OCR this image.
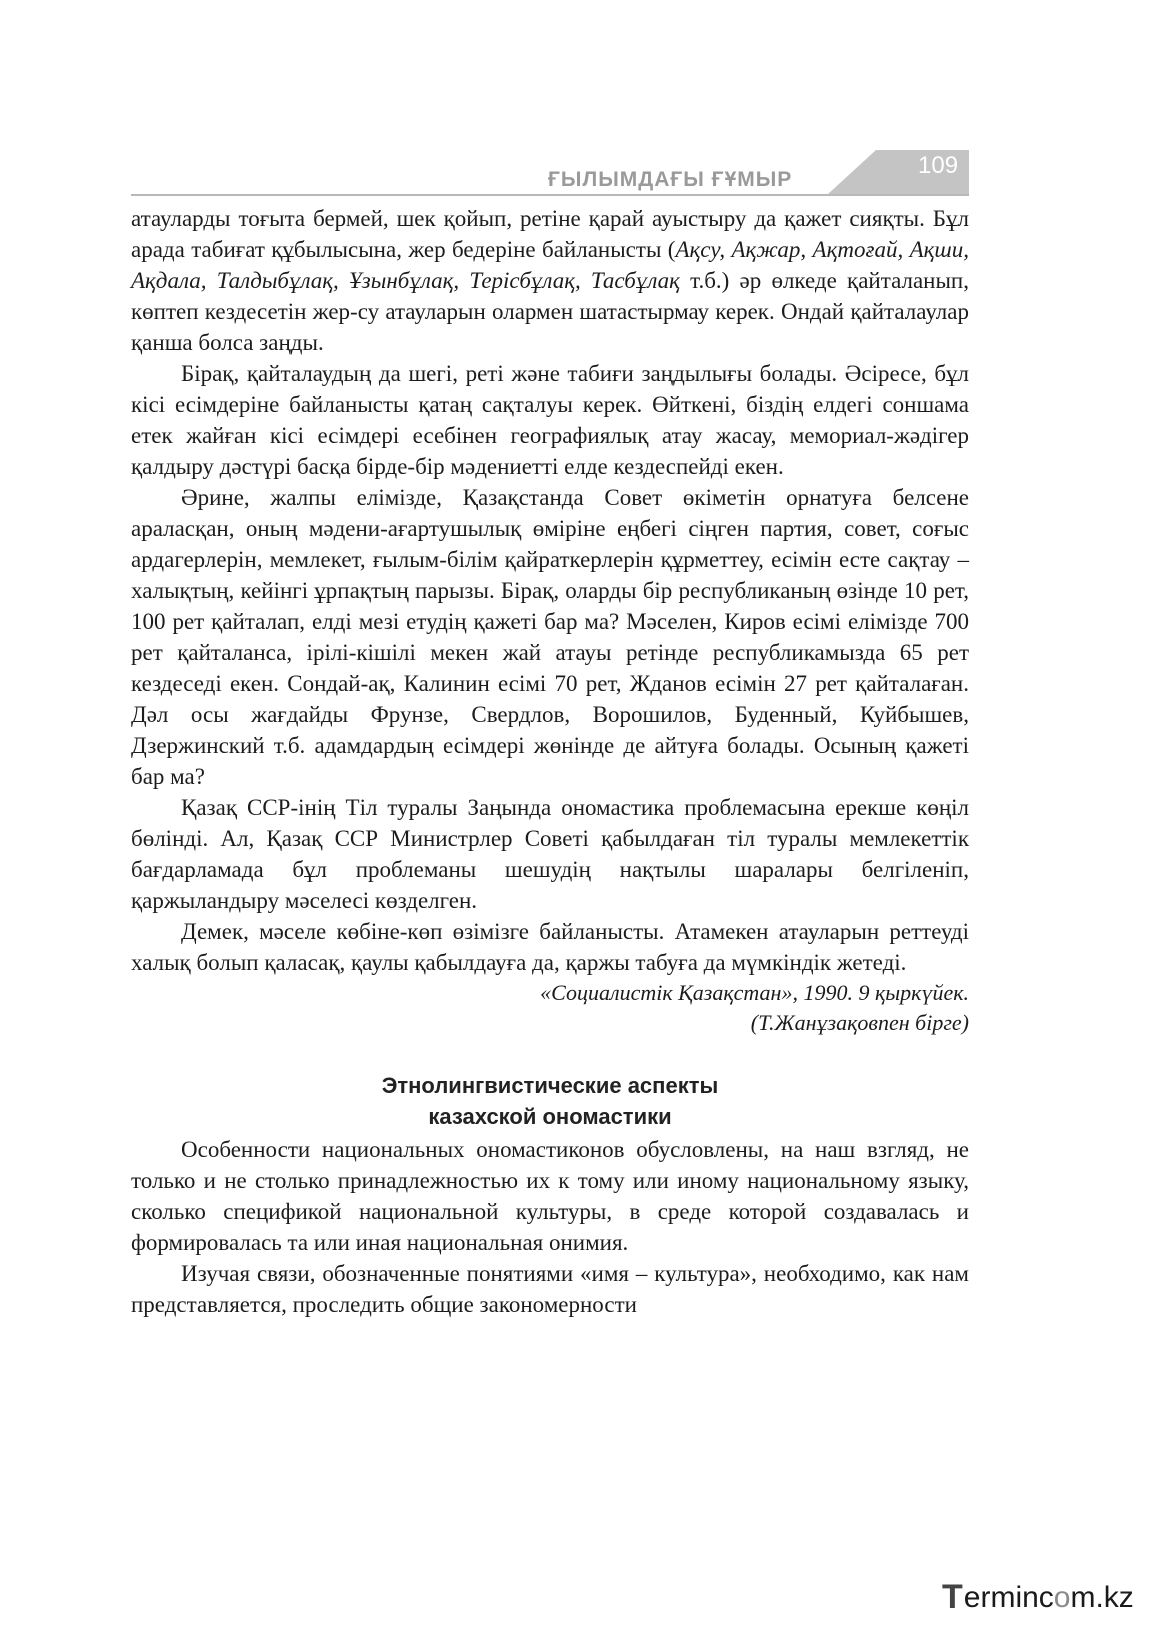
ҒЫЛЫМДАҒЫ ҒҰМЫР
109

атауларды тоғыта бермей, шек қойып, ретіне қарай ауыстыру да қажет сияқты. Бұл арада табиғат құбылысына, жер бедеріне байланысты (Ақсу, Ақжар, Ақтоғай, Ақши, Ақдала, Талдыбұлақ, Ұзынбұлақ, Терісбұлақ, Тасбұлақ т.б.) әр өлкеде қайталанып, көптеп кездесетін жер-су атауларын олармен шатастырмау керек. Ондай қайталаулар қанша болса заңды.

Бірақ, қайталаудың да шегі, реті және табиғи заңдылығы болады. Әсіресе, бұл кісі есімдеріне байланысты қатаң сақталуы керек. Өйткені, біздің елдегі соншама етек жайған кісі есімдері есебінен географиялық атау жасау, мемориал-жәдігер қалдыру дәстүрі басқа бірде-бір мәдениетті елде кездеспейді екен.

Әрине, жалпы елімізде, Қазақстанда Совет өкіметін орнатуға белсене араласқан, оның мәдени-ағартушылық өміріне еңбегі сіңген партия, совет, соғыс ардагерлерін, мемлекет, ғылым-білім қайраткерлерін құрметтеу, есімін есте сақтау – халықтың, кейінгі ұрпақтың парызы. Бірақ, оларды бір республиканың өзінде 10 рет, 100 рет қайталап, елді мезі етудің қажеті бар ма? Мәселен, Киров есімі елімізде 700 рет қайталанса, ірілі-кішілі мекен жай атауы ретінде республикамызда 65 рет кездеседі екен. Сондай-ақ, Калинин есімі 70 рет, Жданов есімін 27 рет қайталаған. Дәл осы жағдайды Фрунзе, Свердлов, Ворошилов, Буденный, Куйбышев, Дзержинский т.б. адамдардың есімдері жөнінде де айтуға болады. Осының қажеті бар ма?

Қазақ ССР-інің Тіл туралы Заңында ономастика проблемасына ерекше көңіл бөлінді. Ал, Қазақ ССР Министрлер Советі қабылдаған тіл туралы мемлекеттік бағдарламада бұл проблеманы шешудің нақтылы шаралары белгіленіп, қаржыландыру мәселесі көзделген.

Демек, мәселе көбіне-көп өзімізге байланысты. Атамекен атауларын реттеуді халық болып қаласақ, қаулы қабылдауға да, қаржы табуға да мүмкіндік жетеді.

«Социалистік Қазақстан», 1990. 9 қыркүйек.
(Т.Жанұзақовпен бірге)
Этнолингвистические аспекты
казахской ономастики

Особенности национальных ономастиконов обусловлены, на наш взгляд, не только и не столько принадлежностью их к тому или иному национальному языку, сколько спецификой национальной культуры, в среде которой создавалась и формировалась та или иная национальная онимия.

Изучая связи, обозначенные понятиями «имя – культура», необходимо, как нам представляется, проследить общие закономерности

T erminc o m.kz
